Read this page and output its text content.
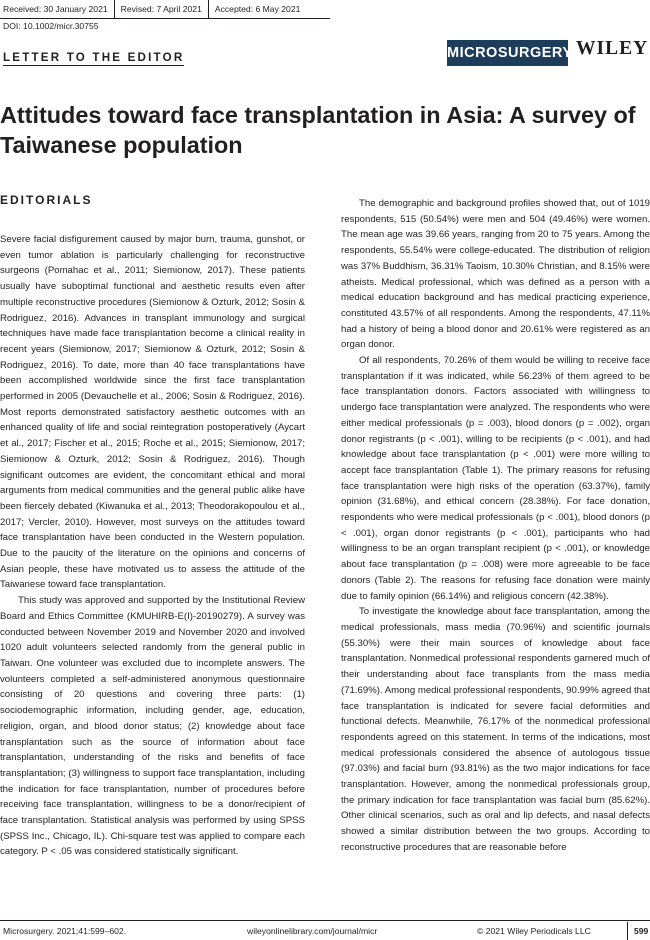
Received: 30 January 2021 Revised: 7 April 2021 Accepted: 6 May 2021
DOI: 10.1002/micr.30755
LETTER TO THE EDITOR	MICROSURGERY WILEY
Attitudes toward face transplantation in Asia: A survey of Taiwanese population
EDITORIALS

Severe facial disfigurement caused by major burn, trauma, gunshot, or even tumor ablation is particularly challenging for reconstructive surgeons (Pomahac et al., 2011; Siemionow, 2017). These patients usually have suboptimal functional and aesthetic results even after multiple reconstructive procedures (Siemionow & Ozturk, 2012; Sosin & Rodriguez, 2016). Advances in transplant immunology and surgical techniques have made face transplantation become a clinical reality in recent years (Siemionow, 2017; Siemionow & Ozturk, 2012; Sosin & Rodriguez, 2016). To date, more than 40 face transplantations have been accomplished worldwide since the first face transplantation performed in 2005 (Devauchelle et al., 2006; Sosin & Rodriguez, 2016). Most reports demonstrated satisfactory aesthetic outcomes with an enhanced quality of life and social reintegration postoperatively (Aycart et al., 2017; Fischer et al., 2015; Roche et al., 2015; Siemionow, 2017; Siemionow & Ozturk, 2012; Sosin & Rodriguez, 2016). Though significant outcomes are evident, the concomitant ethical and moral arguments from medical communities and the general public alike have been fiercely debated (Kiwanuka et al., 2013; Theodorakopoulou et al., 2017; Vercler, 2010). However, most surveys on the attitudes toward face transplantation have been conducted in the Western population. Due to the paucity of the literature on the opinions and concerns of Asian people, these have motivated us to assess the attitude of the Taiwanese toward face transplantation.

This study was approved and supported by the Institutional Review Board and Ethics Committee (KMUHIRB-E(I)-20190279). A survey was conducted between November 2019 and November 2020 and involved 1020 adult volunteers selected randomly from the general public in Taiwan. One volunteer was excluded due to incomplete answers. The volunteers completed a self-administered anonymous questionnaire consisting of 20 questions and covering three parts: (1) sociodemographic information, including gender, age, education, religion, organ, and blood donor status; (2) knowledge about face transplantation such as the source of information about face transplantation, understanding of the risks and benefits of face transplantation; (3) willingness to support face transplantation, including the indication for face transplantation, number of procedures before receiving face transplantation, willingness to be a donor/recipient of face transplantation. Statistical analysis was performed by using SPSS (SPSS Inc., Chicago, IL). Chi-square test was applied to compare each category. P < .05 was considered statistically significant.

The demographic and background profiles showed that, out of 1019 respondents, 515 (50.54%) were men and 504 (49.46%) were women. The mean age was 39.66 years, ranging from 20 to 75 years. Among the respondents, 55.54% were college-educated. The distribution of religion was 37% Buddhism, 36.31% Taoism, 10.30% Christian, and 8.15% were atheists. Medical professional, which was defined as a person with a medical education background and has medical practicing experience, constituted 43.57% of all respondents. Among the respondents, 47.11% had a history of being a blood donor and 20.61% were registered as an organ donor.

Of all respondents, 70.26% of them would be willing to receive face transplantation if it was indicated, while 56.23% of them agreed to be face transplantation donors. Factors associated with willingness to undergo face transplantation were analyzed. The respondents who were either medical professionals (p = .003), blood donors (p = .002), organ donor registrants (p < .001), willing to be recipients (p < .001), and had knowledge about face transplantation (p < .001) were more willing to accept face transplantation (Table 1). The primary reasons for refusing face transplantation were high risks of the operation (63.37%), family opinion (31.68%), and ethical concern (28.38%). For face donation, respondents who were medical professionals (p < .001), blood donors (p < .001), organ donor registrants (p < .001), participants who had willingness to be an organ transplant recipient (p < .001), or knowledge about face transplantation (p = .008) were more agreeable to be face donors (Table 2). The reasons for refusing face donation were mainly due to family opinion (66.14%) and religious concern (42.38%).

To investigate the knowledge about face transplantation, among the medical professionals, mass media (70.96%) and scientific journals (55.30%) were their main sources of knowledge about face transplantation. Nonmedical professional respondents garnered much of their understanding about face transplants from the mass media (71.69%). Among medical professional respondents, 90.99% agreed that face transplantation is indicated for severe facial deformities and functional defects. Meanwhile, 76.17% of the nonmedical professional respondents agreed on this statement. In terms of the indications, most medical professionals considered the absence of autologous tissue (97.03%) and facial burn (93.81%) as the two major indications for face transplantation. However, among the nonmedical professionals group, the primary indication for face transplantation was facial burn (85.62%). Other clinical scenarios, such as oral and lip defects, and nasal defects showed a similar distribution between the two groups. According to reconstructive procedures that are reasonable before

Microsurgery. 2021;41:599–602.	wileyonlinelibrary.com/journal/micr	© 2021 Wiley Periodicals LLC	599
